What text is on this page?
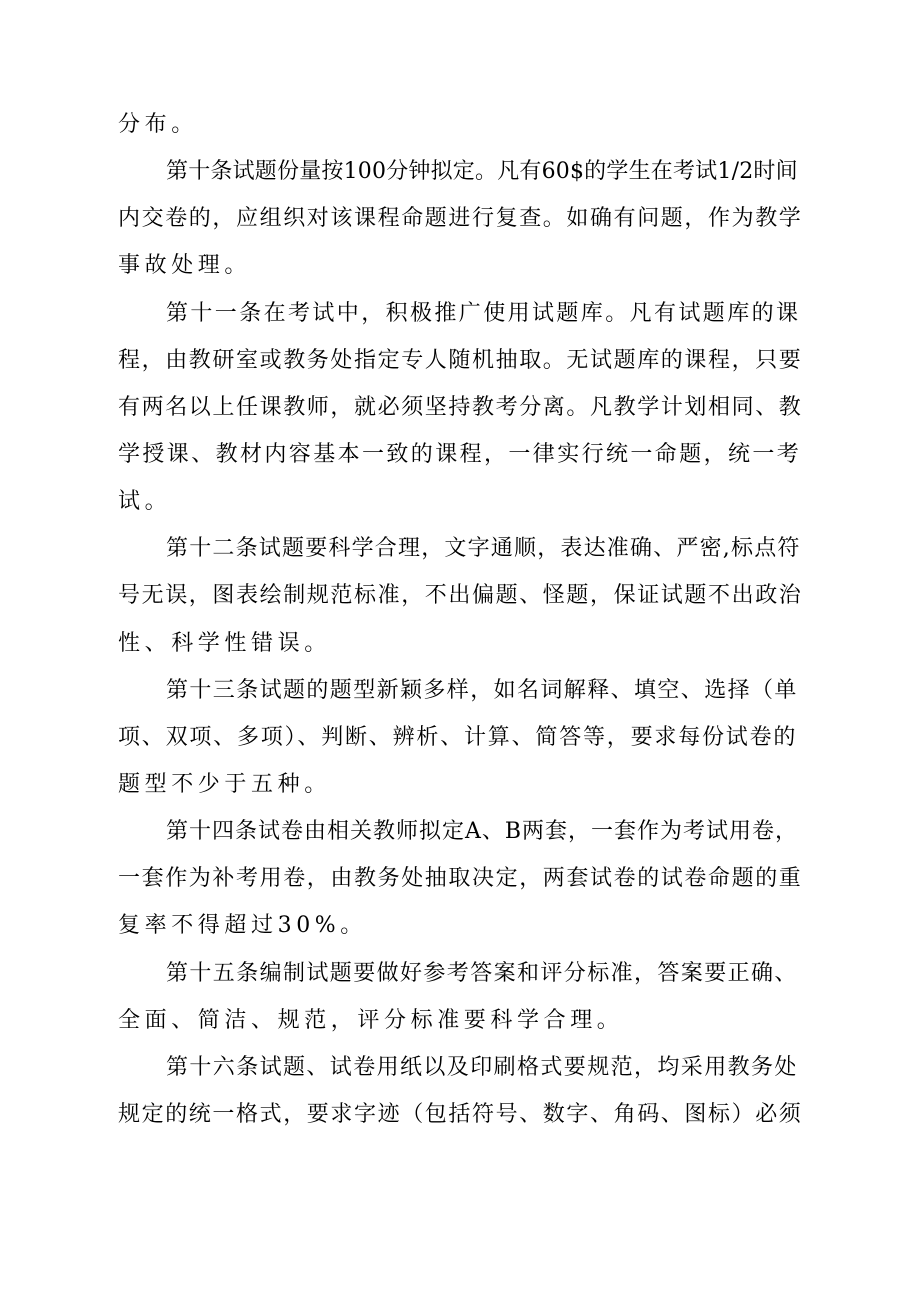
分布。
第十条试题份量按100分钟拟定。凡有60$的学生在考试1/2时间
内交卷的，应组织对该课程命题进行复查。如确有问题，作为教学
事故处理。
第十一条在考试中，积极推广使用试题库。凡有试题库的课
程，由教研室或教务处指定专人随机抽取。无试题库的课程，只要
有两名以上任课教师，就必须坚持教考分离。凡教学计划相同、教
学授课、教材内容基本一致的课程，一律实行统一命题，统一考
试。
第十二条试题要科学合理，文字通顺，表达准确、严密,标点符
号无误，图表绘制规范标准，不出偏题、怪题，保证试题不出政治
性、科学性错误。
第十三条试题的题型新颖多样，如名词解释、填空、选择（单
项、双项、多项）、判断、辨析、计算、简答等，要求每份试卷的
题型不少于五种。
第十四条试卷由相关教师拟定A、B两套，一套作为考试用卷，
一套作为补考用卷，由教务处抽取决定，两套试卷的试卷命题的重
复率不得超过30%。
第十五条编制试题要做好参考答案和评分标准，答案要正确、
全面、简洁、规范，评分标准要科学合理。
第十六条试题、试卷用纸以及印刷格式要规范，均采用教务处
规定的统一格式，要求字迹（包括符号、数字、角码、图标）必须
